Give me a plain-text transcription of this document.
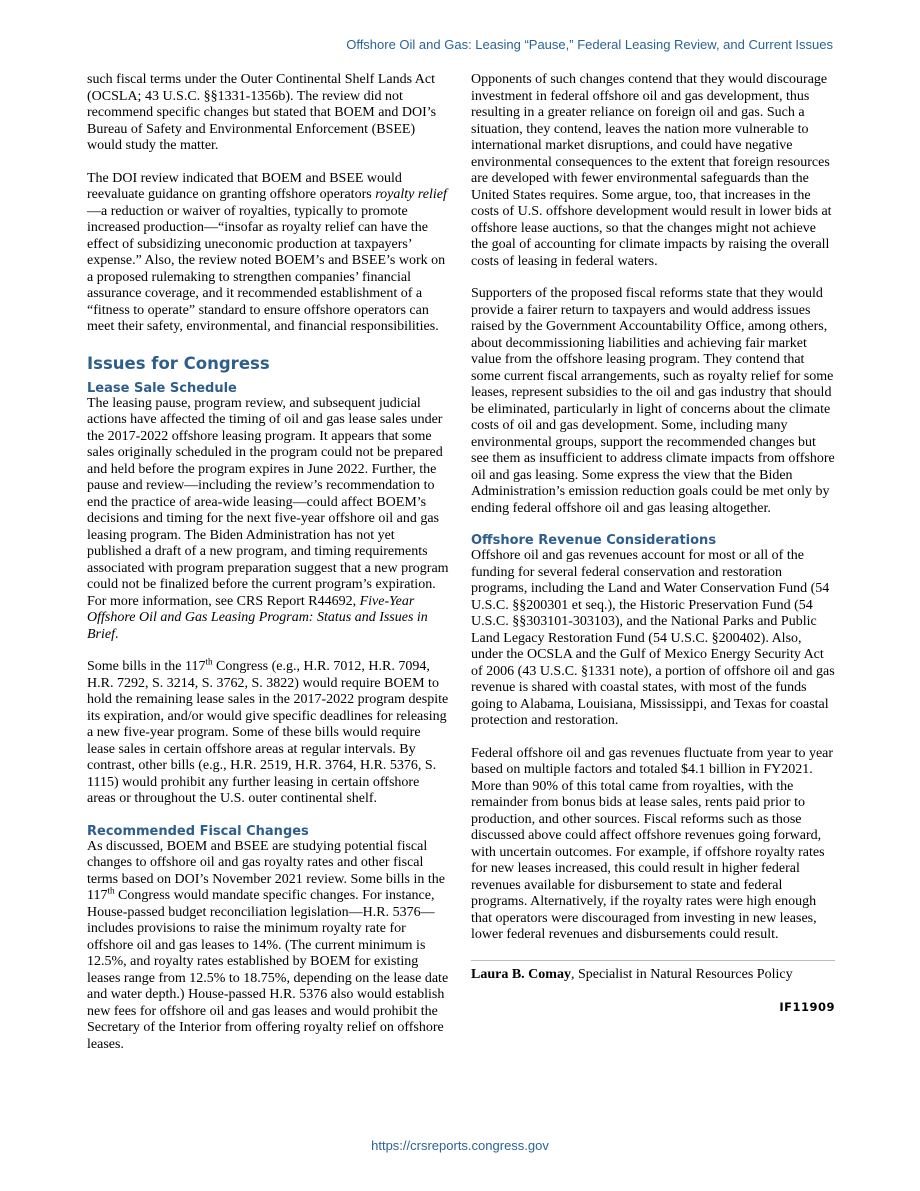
Offshore Oil and Gas: Leasing “Pause,” Federal Leasing Review, and Current Issues

such fiscal terms under the Outer Continental Shelf Lands Act (OCSLA; 43 U.S.C. §§1331-1356b). The review did not recommend specific changes but stated that BOEM and DOI’s Bureau of Safety and Environmental Enforcement (BSEE) would study the matter.

The DOI review indicated that BOEM and BSEE would reevaluate guidance on granting offshore operators royalty relief—a reduction or waiver of royalties, typically to promote increased production—“insofar as royalty relief can have the effect of subsidizing uneconomic production at taxpayers’ expense.” Also, the review noted BOEM’s and BSEE’s work on a proposed rulemaking to strengthen companies’ financial assurance coverage, and it recommended establishment of a “fitness to operate” standard to ensure offshore operators can meet their safety, environmental, and financial responsibilities.

Issues for Congress
Lease Sale Schedule

The leasing pause, program review, and subsequent judicial actions have affected the timing of oil and gas lease sales under the 2017-2022 offshore leasing program. It appears that some sales originally scheduled in the program could not be prepared and held before the program expires in June 2022. Further, the pause and review—including the review’s recommendation to end the practice of area-wide leasing—could affect BOEM’s decisions and timing for the next five-year offshore oil and gas leasing program. The Biden Administration has not yet published a draft of a new program, and timing requirements associated with program preparation suggest that a new program could not be finalized before the current program’s expiration. For more information, see CRS Report R44692, Five-Year Offshore Oil and Gas Leasing Program: Status and Issues in Brief.

Some bills in the 117th Congress (e.g., H.R. 7012, H.R. 7094, H.R. 7292, S. 3214, S. 3762, S. 3822) would require BOEM to hold the remaining lease sales in the 2017-2022 program despite its expiration, and/or would give specific deadlines for releasing a new five-year program. Some of these bills would require lease sales in certain offshore areas at regular intervals. By contrast, other bills (e.g., H.R. 2519, H.R. 3764, H.R. 5376, S. 1115) would prohibit any further leasing in certain offshore areas or throughout the U.S. outer continental shelf.

Recommended Fiscal Changes

As discussed, BOEM and BSEE are studying potential fiscal changes to offshore oil and gas royalty rates and other fiscal terms based on DOI’s November 2021 review. Some bills in the 117th Congress would mandate specific changes. For instance, House-passed budget reconciliation legislation—H.R. 5376—includes provisions to raise the minimum royalty rate for offshore oil and gas leases to 14%. (The current minimum is 12.5%, and royalty rates established by BOEM for existing leases range from 12.5% to 18.75%, depending on the lease date and water depth.) House-passed H.R. 5376 also would establish new fees for offshore oil and gas leases and would prohibit the Secretary of the Interior from offering royalty relief on offshore leases.

Opponents of such changes contend that they would discourage investment in federal offshore oil and gas development, thus resulting in a greater reliance on foreign oil and gas. Such a situation, they contend, leaves the nation more vulnerable to international market disruptions, and could have negative environmental consequences to the extent that foreign resources are developed with fewer environmental safeguards than the United States requires. Some argue, too, that increases in the costs of U.S. offshore development would result in lower bids at offshore lease auctions, so that the changes might not achieve the goal of accounting for climate impacts by raising the overall costs of leasing in federal waters.

Supporters of the proposed fiscal reforms state that they would provide a fairer return to taxpayers and would address issues raised by the Government Accountability Office, among others, about decommissioning liabilities and achieving fair market value from the offshore leasing program. They contend that some current fiscal arrangements, such as royalty relief for some leases, represent subsidies to the oil and gas industry that should be eliminated, particularly in light of concerns about the climate costs of oil and gas development. Some, including many environmental groups, support the recommended changes but see them as insufficient to address climate impacts from offshore oil and gas leasing. Some express the view that the Biden Administration’s emission reduction goals could be met only by ending federal offshore oil and gas leasing altogether.

Offshore Revenue Considerations

Offshore oil and gas revenues account for most or all of the funding for several federal conservation and restoration programs, including the Land and Water Conservation Fund (54 U.S.C. §§200301 et seq.), the Historic Preservation Fund (54 U.S.C. §§303101-303103), and the National Parks and Public Land Legacy Restoration Fund (54 U.S.C. §200402). Also, under the OCSLA and the Gulf of Mexico Energy Security Act of 2006 (43 U.S.C. §1331 note), a portion of offshore oil and gas revenue is shared with coastal states, with most of the funds going to Alabama, Louisiana, Mississippi, and Texas for coastal protection and restoration.

Federal offshore oil and gas revenues fluctuate from year to year based on multiple factors and totaled $4.1 billion in FY2021. More than 90% of this total came from royalties, with the remainder from bonus bids at lease sales, rents paid prior to production, and other sources. Fiscal reforms such as those discussed above could affect offshore revenues going forward, with uncertain outcomes. For example, if offshore royalty rates for new leases increased, this could result in higher federal revenues available for disbursement to state and federal programs. Alternatively, if the royalty rates were high enough that operators were discouraged from investing in new leases, lower federal revenues and disbursements could result.

Laura B. Comay, Specialist in Natural Resources Policy

IF11909
https://crsreports.congress.gov
